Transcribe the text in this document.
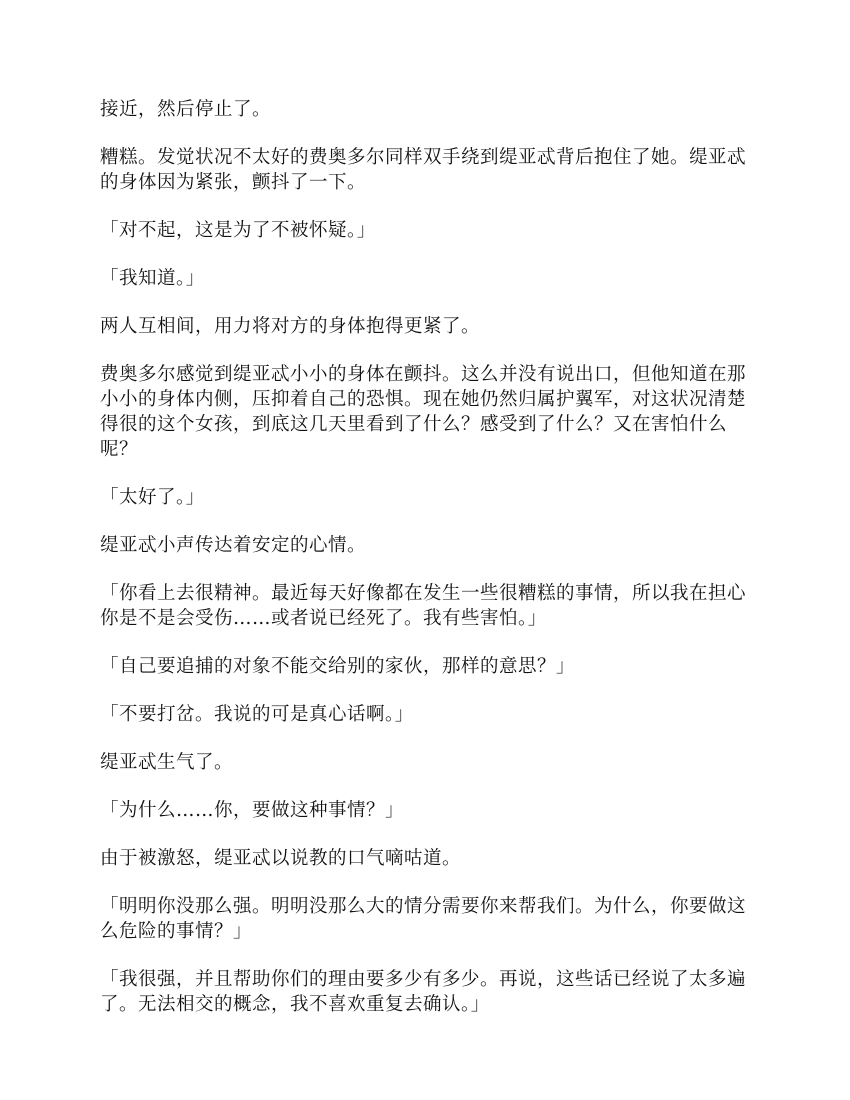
接近，然后停止了。

糟糕。发觉状况不太好的费奥多尔同样双手绕到缇亚忒背后抱住了她。缇亚忒的身体因为紧张，颤抖了一下。

「对不起，这是为了不被怀疑。」

「我知道。」

两人互相间，用力将对方的身体抱得更紧了。

费奥多尔感觉到缇亚忒小小的身体在颤抖。这么并没有说出口，但他知道在那小小的身体内侧，压抑着自己的恐惧。现在她仍然归属护翼军，对这状况清楚得很的这个女孩，到底这几天里看到了什么？感受到了什么？又在害怕什么呢？

「太好了。」

缇亚忒小声传达着安定的心情。

「你看上去很精神。最近每天好像都在发生一些很糟糕的事情，所以我在担心你是不是会受伤……或者说已经死了。我有些害怕。」

「自己要追捕的对象不能交给别的家伙，那样的意思？」

「不要打岔。我说的可是真心话啊。」

缇亚忒生气了。

「为什么……你，要做这种事情？」

由于被激怒，缇亚忒以说教的口气嘀咕道。

「明明你没那么强。明明没那么大的情分需要你来帮我们。为什么，你要做这么危险的事情？」

「我很强，并且帮助你们的理由要多少有多少。再说，这些话已经说了太多遍了。无法相交的概念，我不喜欢重复去确认。」
